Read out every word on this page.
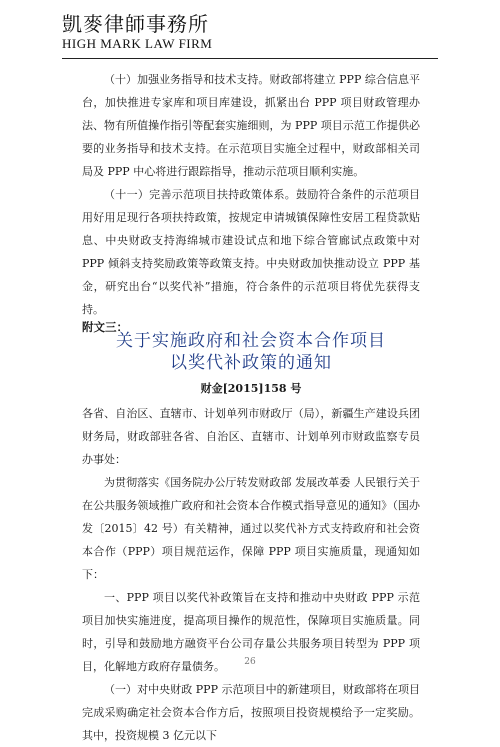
凱麥律師事務所
HIGH MARK LAW FIRM

（十）加强业务指导和技术支持。财政部将建立 PPP 综合信息平台，加快推进专家库和项目库建设，抓紧出台 PPP 项目财政管理办法、物有所值操作指引等配套实施细则，为 PPP 项目示范工作提供必要的业务指导和技术支持。在示范项目实施全过程中，财政部相关司局及 PPP 中心将进行跟踪指导，推动示范项目顺利实施。

（十一）完善示范项目扶持政策体系。鼓励符合条件的示范项目用好用足现行各项扶持政策，按规定申请城镇保障性安居工程贷款贴息、中央财政支持海绵城市建设试点和地下综合管廊试点政策中对 PPP 倾斜支持奖励政策等政策支持。中央财政加快推动设立 PPP 基金，研究出台“以奖代补”措施，符合条件的示范项目将优先获得支持。

附文三：
关于实施政府和社会资本合作项目
以奖代补政策的通知
财金[2015]158 号

各省、自治区、直辖市、计划单列市财政厅（局），新疆生产建设兵团财务局，财政部驻各省、自治区、直辖市、计划单列市财政监察专员办事处：

为贯彻落实《国务院办公厅转发财政部 发展改革委 人民银行关于在公共服务领域推广政府和社会资本合作模式指导意见的通知》（国办发〔2015〕42 号）有关精神，通过以奖代补方式支持政府和社会资本合作（PPP）项目规范运作，保障 PPP 项目实施质量，现通知如下：

一、PPP 项目以奖代补政策旨在支持和推动中央财政 PPP 示范项目加快实施进度，提高项目操作的规范性，保障项目实施质量。同时，引导和鼓励地方融资平台公司存量公共服务项目转型为 PPP 项目，化解地方政府存量债务。

（一）对中央财政 PPP 示范项目中的新建项目，财政部将在项目完成采购确定社会资本合作方后，按照项目投资规模给予一定奖励。其中，投资规模 3 亿元以下

26
